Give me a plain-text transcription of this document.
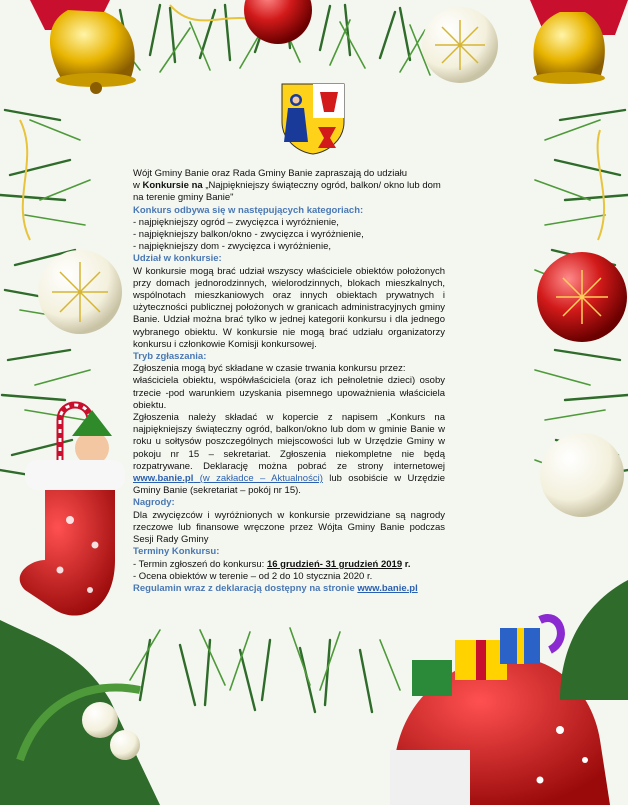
Wójt Gminy Banie oraz Rada Gminy Banie zapraszają do udziału
w Konkursie na „Najpiękniejszy świąteczny ogród, balkon/ okno lub dom
na terenie gminy Banie"

Konkurs odbywa się w następujących kategoriach:

- najpiękniejszy ogród – zwycięzca i wyróżnienie,
- najpiękniejszy balkon/okno - zwycięzca i wyróżnienie,
- najpiękniejszy dom - zwycięzca i wyróżnienie,

Udział w konkursie:

W konkursie mogą brać udział wszyscy właściciele obiektów położonych przy domach jednorodzinnych, wielorodzinnych, blokach mieszkalnych, wspólnotach mieszkaniowych oraz innych obiektach prywatnych i użyteczności publicznej położonych w granicach administracyjnych gminy Banie. Udział można brać tylko w jednej kategorii konkursu i dla jednego wybranego obiektu. W konkursie nie mogą brać udziału organizatorzy konkursu i członkowie Komisji konkursowej.

Tryb zgłaszania:

Zgłoszenia mogą być składane w czasie trwania konkursu przez:

właściciela obiektu, współwłaściciela (oraz ich pełnoletnie dzieci) osoby trzecie -pod warunkiem uzyskania pisemnego upoważnienia właściciela obiektu.

Zgłoszenia należy składać w kopercie z napisem „Konkurs na najpiękniejszy świąteczny ogród, balkon/okno lub dom w gminie Banie w roku u sołtysów poszczególnych miejscowości lub w Urzędzie Gminy w pokoju nr 15 – sekretariat. Zgłoszenia niekompletne nie będą rozpatrywane. Deklarację można pobrać ze strony internetowej www.banie.pl (w zakładce – Aktualności) lub osobiście w Urzędzie Gminy Banie (sekretariat – pokój nr 15).

Nagrody:

Dla zwycięzców i wyróżnionych w konkursie przewidziane są nagrody rzeczowe lub finansowe wręczone przez Wójta Gminy Banie podczas Sesji Rady Gminy

Terminy Konkursu:

- Termin zgłoszeń do konkursu: 16 grudzień- 31 grudzień 2019 r.

- Ocena obiektów w terenie – od 2 do 10 stycznia 2020 r.

Regulamin wraz z deklaracją dostępny na stronie www.banie.pl
